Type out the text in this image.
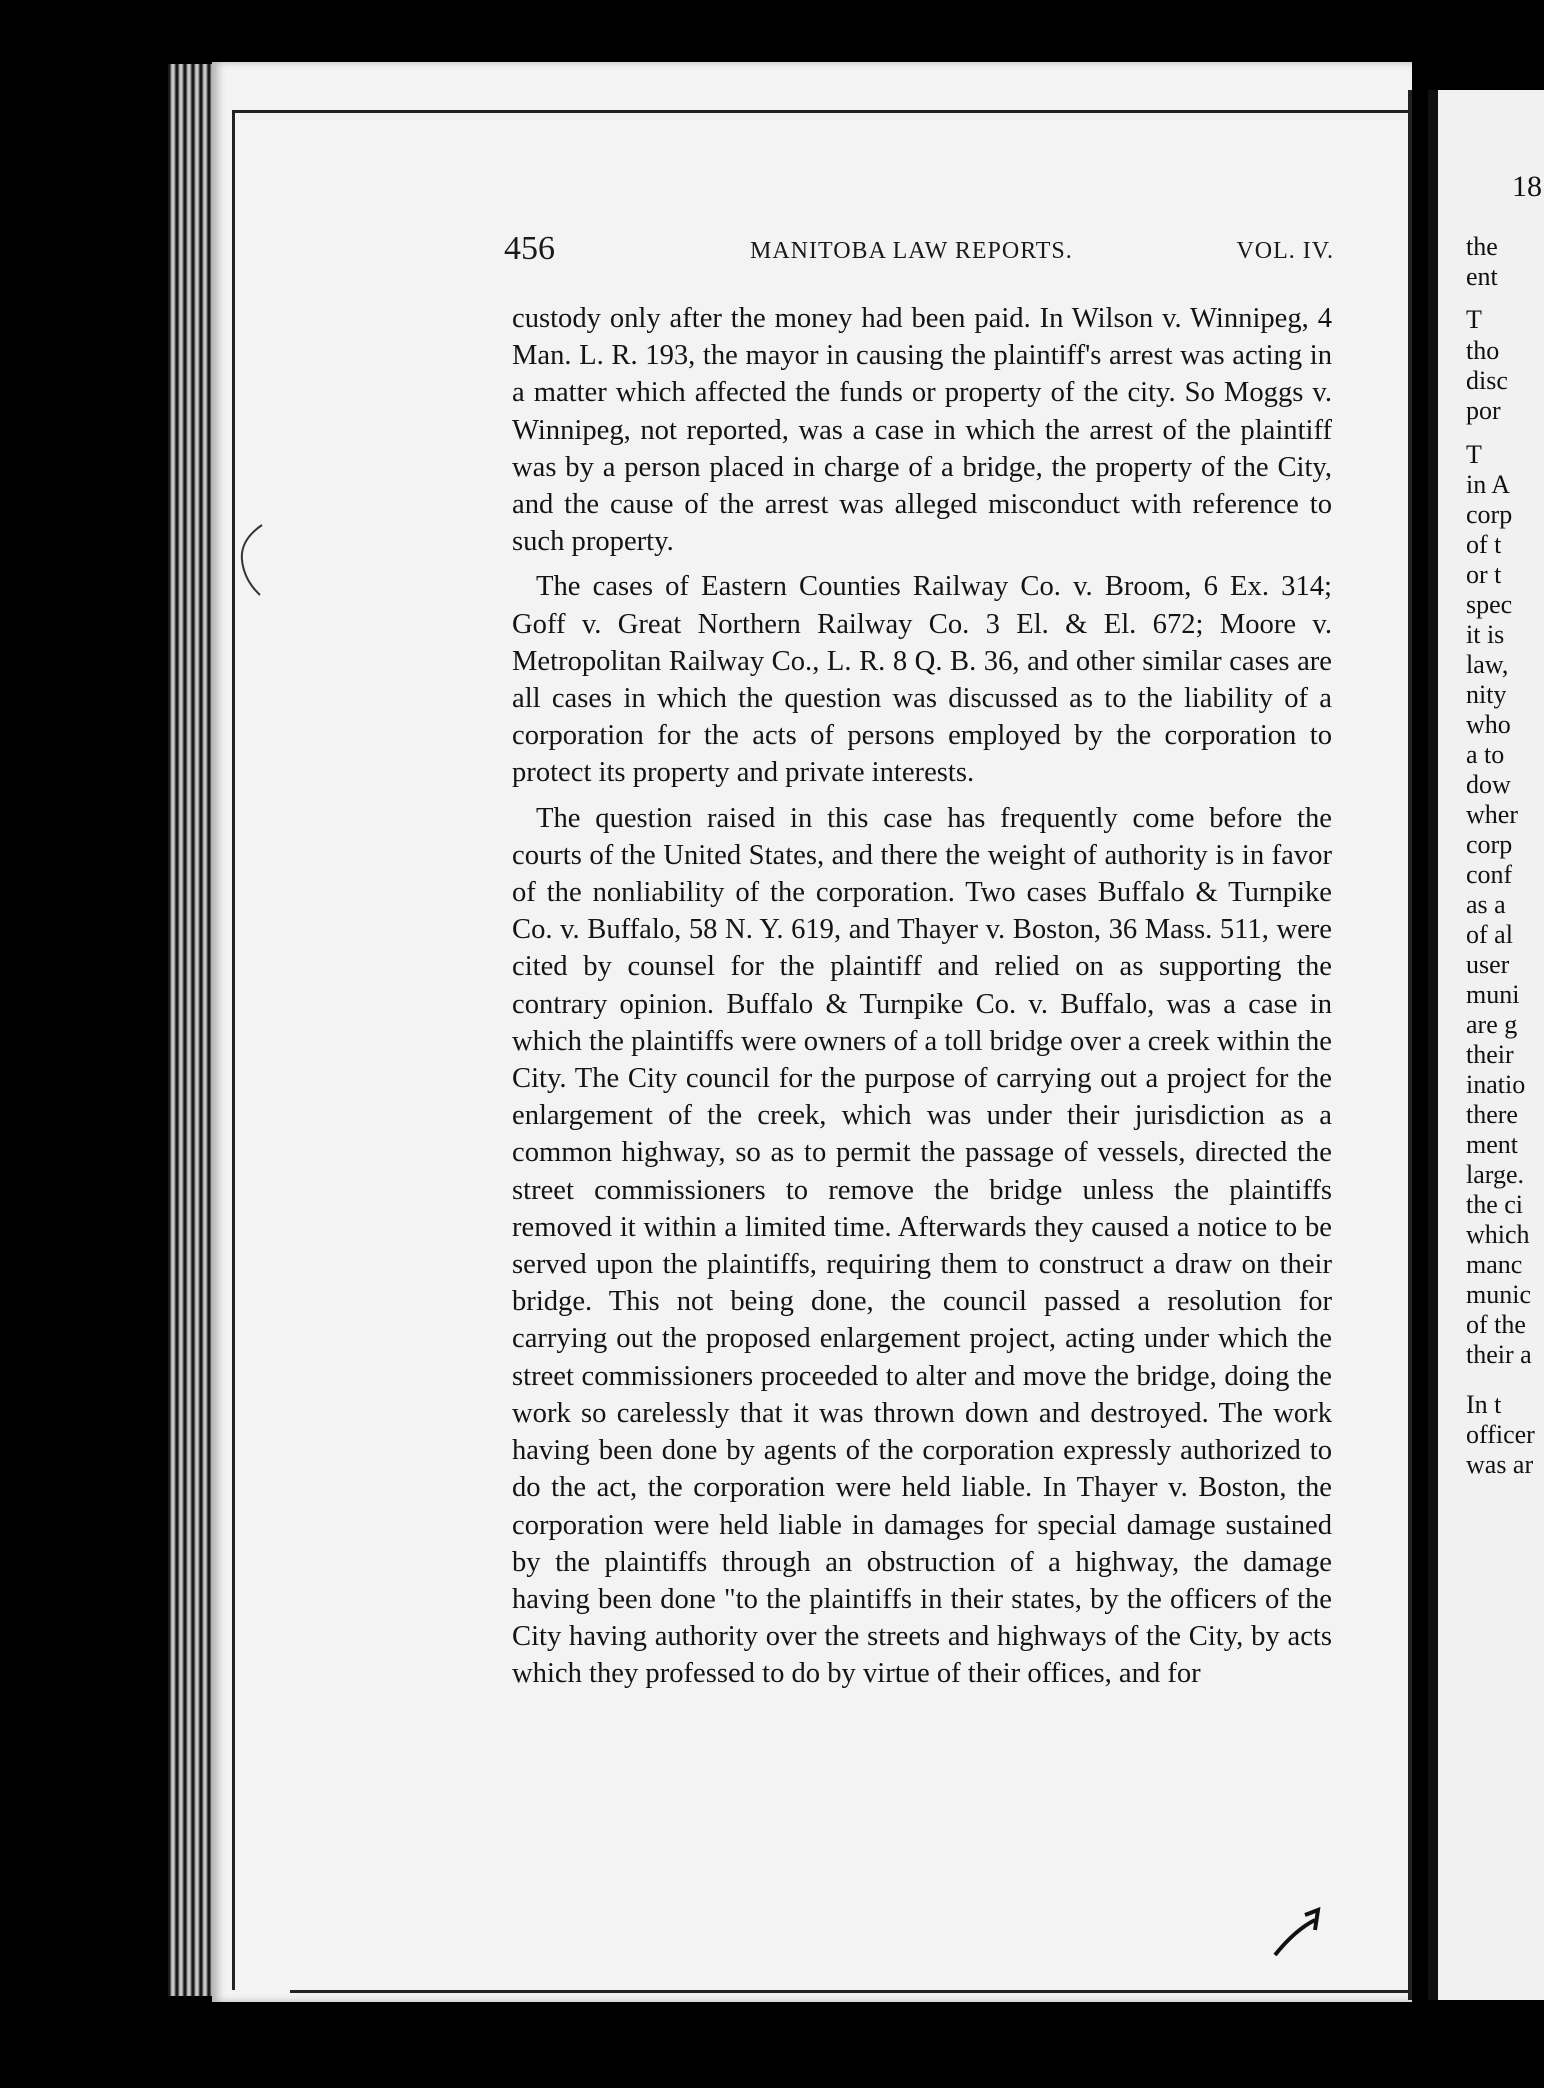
18
the
ent
T
tho
disc
por
T
in A
corp
of t
or t
spec
it is
law,
nity
who
a to
dow
wher
corp
conf
as a
of al
user
muni
are g
their
inatio
there
ment
large.
the ci
which
manc
munic
of the
their a
In t
officer
was ar
456	MANITOBA LAW REPORTS.	VOL. IV.

custody only after the money had been paid. In Wilson v. Winnipeg, 4 Man. L. R. 193, the mayor in causing the plaintiff's arrest was acting in a matter which affected the funds or property of the city. So Moggs v. Winnipeg, not reported, was a case in which the arrest of the plaintiff was by a person placed in charge of a bridge, the property of the City, and the cause of the arrest was alleged misconduct with reference to such property.

The cases of Eastern Counties Railway Co. v. Broom, 6 Ex. 314; Goff v. Great Northern Railway Co. 3 El. & El. 672; Moore v. Metropolitan Railway Co., L. R. 8 Q. B. 36, and other similar cases are all cases in which the question was discussed as to the liability of a corporation for the acts of persons employed by the corporation to protect its property and private interests.

The question raised in this case has frequently come before the courts of the United States, and there the weight of authority is in favor of the nonliability of the corporation. Two cases Buffalo & Turnpike Co. v. Buffalo, 58 N. Y. 619, and Thayer v. Boston, 36 Mass. 511, were cited by counsel for the plaintiff and relied on as supporting the contrary opinion. Buffalo & Turnpike Co. v. Buffalo, was a case in which the plaintiffs were owners of a toll bridge over a creek within the City. The City council for the purpose of carrying out a project for the enlargement of the creek, which was under their jurisdiction as a common highway, so as to permit the passage of vessels, directed the street commissioners to remove the bridge unless the plaintiffs removed it within a limited time. Afterwards they caused a notice to be served upon the plaintiffs, requiring them to construct a draw on their bridge. This not being done, the council passed a resolution for carrying out the proposed enlargement project, acting under which the street commissioners proceeded to alter and move the bridge, doing the work so carelessly that it was thrown down and destroyed. The work having been done by agents of the corporation expressly authorized to do the act, the corporation were held liable. In Thayer v. Boston, the corporation were held liable in damages for special damage sustained by the plaintiffs through an obstruction of a highway, the damage having been done "to the plaintiffs in their states, by the officers of the City having authority over the streets and highways of the City, by acts which they professed to do by virtue of their offices, and for
